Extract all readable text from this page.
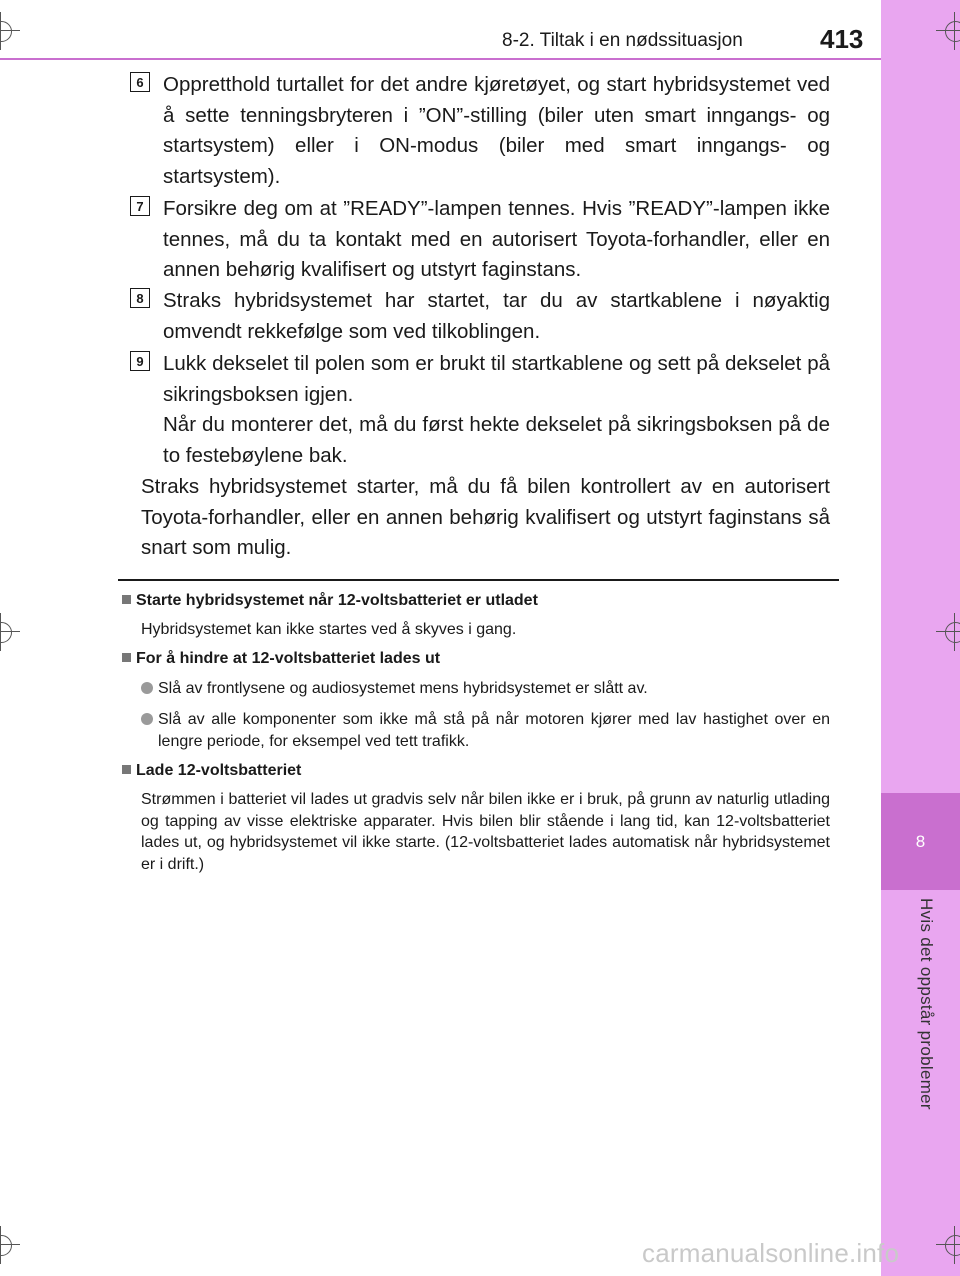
8
Hvis det oppstår problemer
8-2. Tiltak i en nødssituasjon	413
6 Oppretthold turtallet for det andre kjøretøyet, og start hybridsystemet ved å sette tenningsbryteren i ”ON”-stilling (biler uten smart inngangs- og startsystem) eller i ON-modus (biler med smart inngangs- og startsystem).
7 Forsikre deg om at ”READY”-lampen tennes. Hvis ”READY”-lampen ikke tennes, må du ta kontakt med en autorisert Toyota-forhandler, eller en annen behørig kvalifisert og utstyrt faginstans.
8 Straks hybridsystemet har startet, tar du av startkablene i nøyaktig omvendt rekkefølge som ved tilkoblingen.
9 Lukk dekselet til polen som er brukt til startkablene og sett på dekselet på sikringsboksen igjen.
Når du monterer det, må du først hekte dekselet på sikringsboksen på de to festebøylene bak.
Straks hybridsystemet starter, må du få bilen kontrollert av en autorisert Toyota-forhandler, eller en annen behørig kvalifisert og utstyrt faginstans så snart som mulig.
Starte hybridsystemet når 12-voltsbatteriet er utladet
Hybridsystemet kan ikke startes ved å skyves i gang.
For å hindre at 12-voltsbatteriet lades ut
Slå av frontlysene og audiosystemet mens hybridsystemet er slått av.
Slå av alle komponenter som ikke må stå på når motoren kjører med lav hastighet over en lengre periode, for eksempel ved tett trafikk.
Lade 12-voltsbatteriet
Strømmen i batteriet vil lades ut gradvis selv når bilen ikke er i bruk, på grunn av naturlig utlading og tapping av visse elektriske apparater. Hvis bilen blir stående i lang tid, kan 12-voltsbatteriet lades ut, og hybridsystemet vil ikke starte. (12-voltsbatteriet lades automatisk når hybridsystemet er i drift.)
carmanualsonline.info
